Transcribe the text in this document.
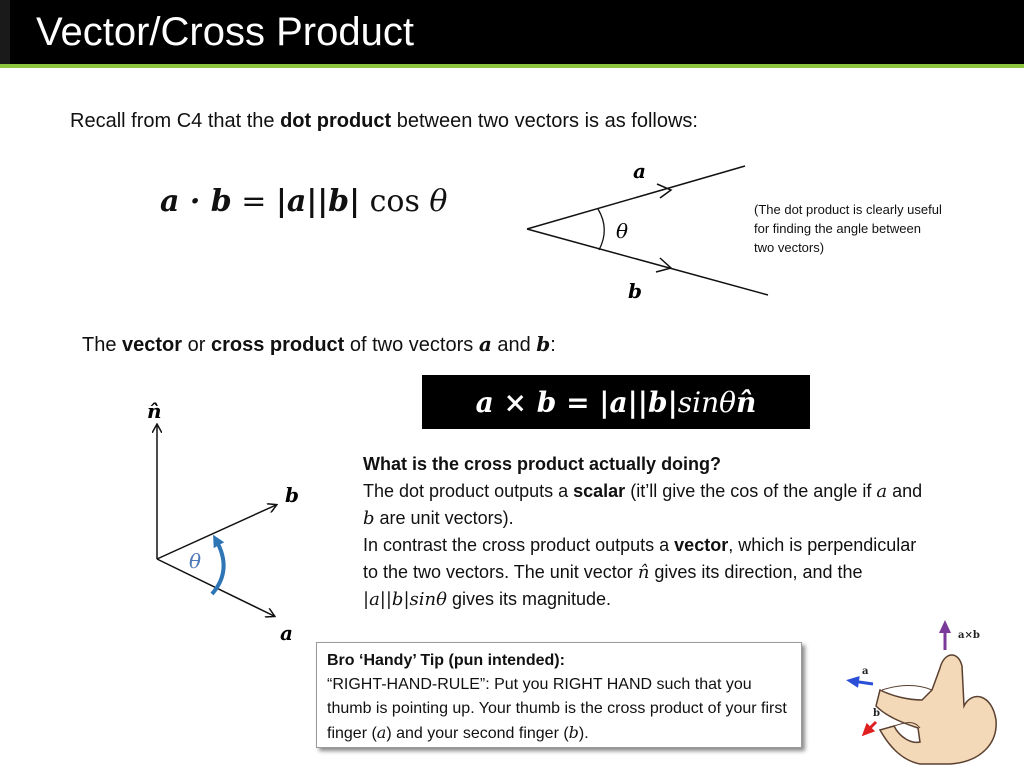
Vector/Cross Product
Recall from C4 that the dot product between two vectors is as follows:
a · b = |a||b| cos θ
a
b
θ
(The dot product is clearly useful for finding the angle between two vectors)
The vector or cross product of two vectors a and b:
a × b = |a||b| sinθ n̂
n̂
b
a
θ
What is the cross product actually doing?
The dot product outputs a scalar (it’ll give the cos of the angle if a and b are unit vectors).
In contrast the cross product outputs a vector, which is perpendicular to the two vectors. The unit vector n̂ gives its direction, and the |a||b|sinθ gives its magnitude.
Bro ‘Handy’ Tip (pun intended):
“RIGHT-HAND-RULE”: Put you RIGHT HAND such that you thumb is pointing up. Your thumb is the cross product of your first finger (a) and your second finger (b).
a×b
a
b
